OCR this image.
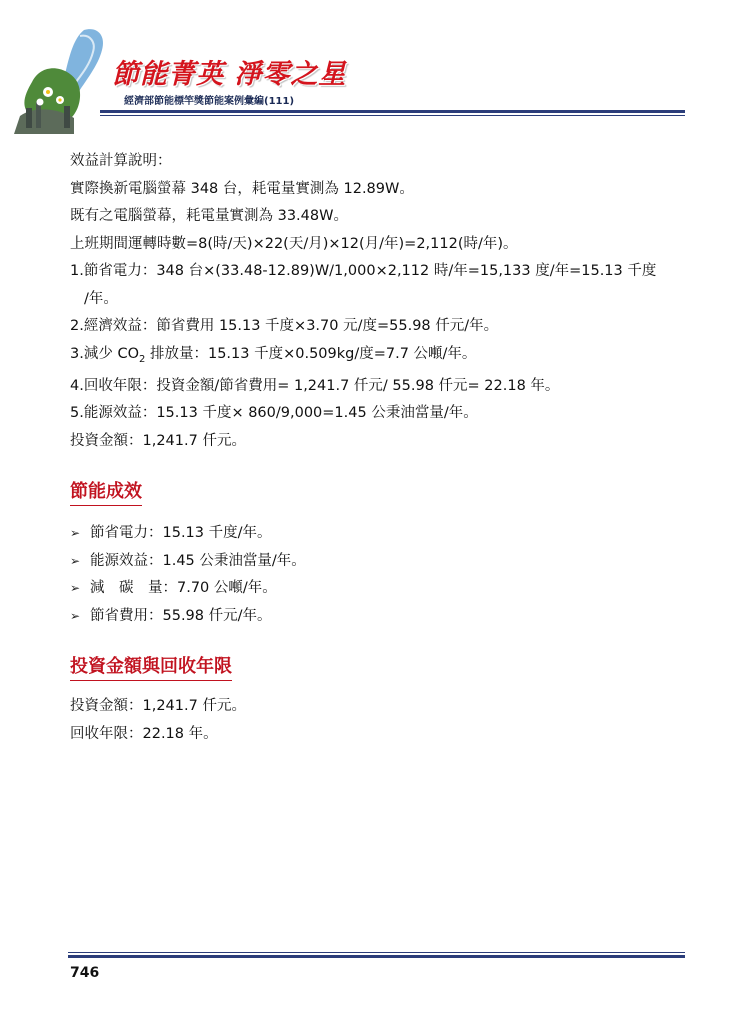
節能菁英 淨零之星
經濟部節能標竿獎節能案例彙編(111)
效益計算說明：
實際換新電腦螢幕 348 台，耗電量實測為 12.89W。
既有之電腦螢幕，耗電量實測為 33.48W。
上班期間運轉時數=8(時/天)×22(天/月)×12(月/年)=2,112(時/年)。
1.節省電力：348 台×(33.48-12.89)W/1,000×2,112 時/年=15,133 度/年=15.13 千度
/年。
2.經濟效益：節省費用 15.13 千度×3.70 元/度=55.98 仟元/年。
3.減少 $CO_2$ 排放量：15.13 千度×0.509kg/度=7.7 公噸/年。
4.回收年限：投資金額/節省費用= 1,241.7 仟元/ 55.98 仟元= 22.18 年。
5.能源效益：15.13 千度× 860/9,000=1.45 公秉油當量/年。
投資金額：1,241.7 仟元。
節能成效
➢ 節省電力：15.13 千度/年。
➢ 能源效益：1.45 公秉油當量/年。
➢ 減　碳　量：7.70 公噸/年。
➢ 節省費用：55.98 仟元/年。
投資金額與回收年限
投資金額：1,241.7 仟元。
回收年限：22.18 年。
746
